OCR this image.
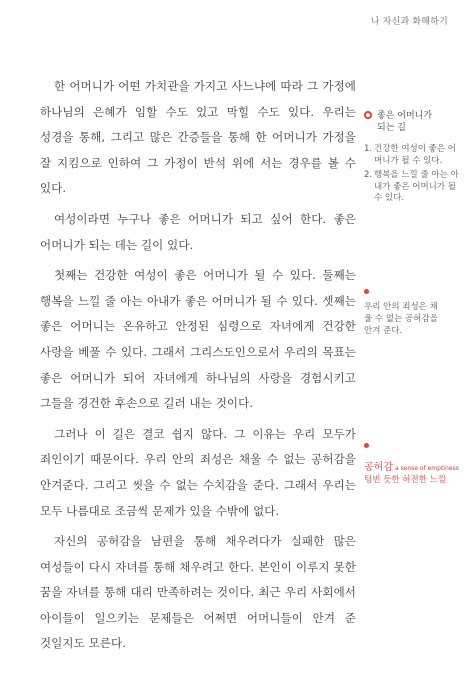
나 자신과 화해하기

한 어머니가 어떤 가치관을 가지고 사느냐에 따라 그 가정에 하나님의 은혜가 임할 수도 있고 막힐 수도 있다. 우리는 성경을 통해, 그리고 많은 간증들을 통해 한 어머니가 가정을 잘 지킴으로 인하여 그 가정이 반석 위에 서는 경우를 볼 수 있다.

여성이라면 누구나 좋은 어머니가 되고 싶어 한다. 좋은 어머니가 되는 데는 길이 있다.

첫째는 건강한 여성이 좋은 어머니가 될 수 있다. 둘째는 행복을 느낄 줄 아는 아내가 좋은 어머니가 될 수 있다. 셋째는 좋은 어머니는 온유하고 안정된 심령으로 자녀에게 건강한 사랑을 베풀 수 있다. 그래서 그리스도인으로서 우리의 목표는 좋은 어머니가 되어 자녀에게 하나님의 사랑을 경험시키고 그들을 경건한 후손으로 길러 내는 것이다.

그러나 이 길은 결코 쉽지 않다. 그 이유는 우리 모두가 죄인이기 때문이다. 우리 안의 죄성은 채울 수 없는 공허감을 안겨준다. 그리고 씻을 수 없는 수치감을 준다. 그래서 우리는 모두 나름대로 조금씩 문제가 있을 수밖에 없다.

자신의 공허감을 남편을 통해 채우려다가 실패한 많은 여성들이 다시 자녀를 통해 채우려고 한다. 본인이 이루지 못한 꿈을 자녀를 통해 대리 만족하려는 것이다. 최근 우리 사회에서 아이들이 일으키는 문제들은 어쩌면 어머니들이 안겨 준 것일지도 모른다.

좋은 어머니가
되는 길
1. 건강한 여성이 좋은 어머니가 될 수 있다.
2. 행복을 느낄 줄 아는 아내가 좋은 어머니가 될 수 있다.
우리 안의 죄성은 채
울 수 없는 공허감을
안겨 준다.
공허감 a sense of emptiness
텅빈 듯한 허전한 느낌
